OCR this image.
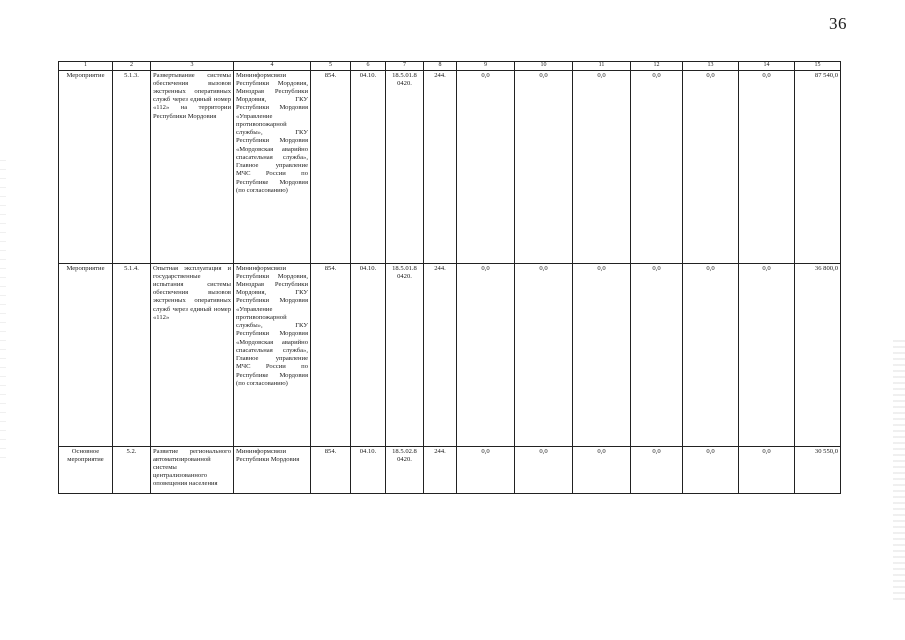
36
1	2	3	4	5	6	7	8	9	10	11	12	13	14	15
Мероприятие	5.1.3.	Развертывание системы обеспечения вызовов экстренных оперативных служб через единый номер «112» на территории Республики Мордовия	Мининформсвязи Республики Мордовия, Минздрав Республики Мордовия, ГКУ Республики Мордовия «Управление противопожарной службы», ГКУ Республики Мордовия «Мордовская аварийно спасательная служба», Главное управление МЧС России по Республике Мордовия (по согласованию)	854.	04.10.	18.5.01.8 0420.	244.	0,0	0,0	0,0	0,0	0,0	0,0	87 540,0
Мероприятие	5.1.4.	Опытная эксплуатация и государственные испытания системы обеспечения вызовов экстренных оперативных служб через единый номер «112»	Мининформсвязи Республики Мордовия, Минздрав Республики Мордовия, ГКУ Республики Мордовия «Управление противопожарной службы», ГКУ Республики Мордовия «Мордовская аварийно спасательная служба», Главное управление МЧС России по Республике Мордовия (по согласованию)	854.	04.10.	18.5.01.8 0420.	244.	0,0	0,0	0,0	0,0	0,0	0,0	36 800,0
Основное мероприятие	5.2.	Развитие регионального автоматизированной системы централизованного оповещения населения	Мининформсвязи Республики Мордовия	854.	04.10.	18.5.02.8 0420.	244.	0,0	0,0	0,0	0,0	0,0	0,0	30 550,0
